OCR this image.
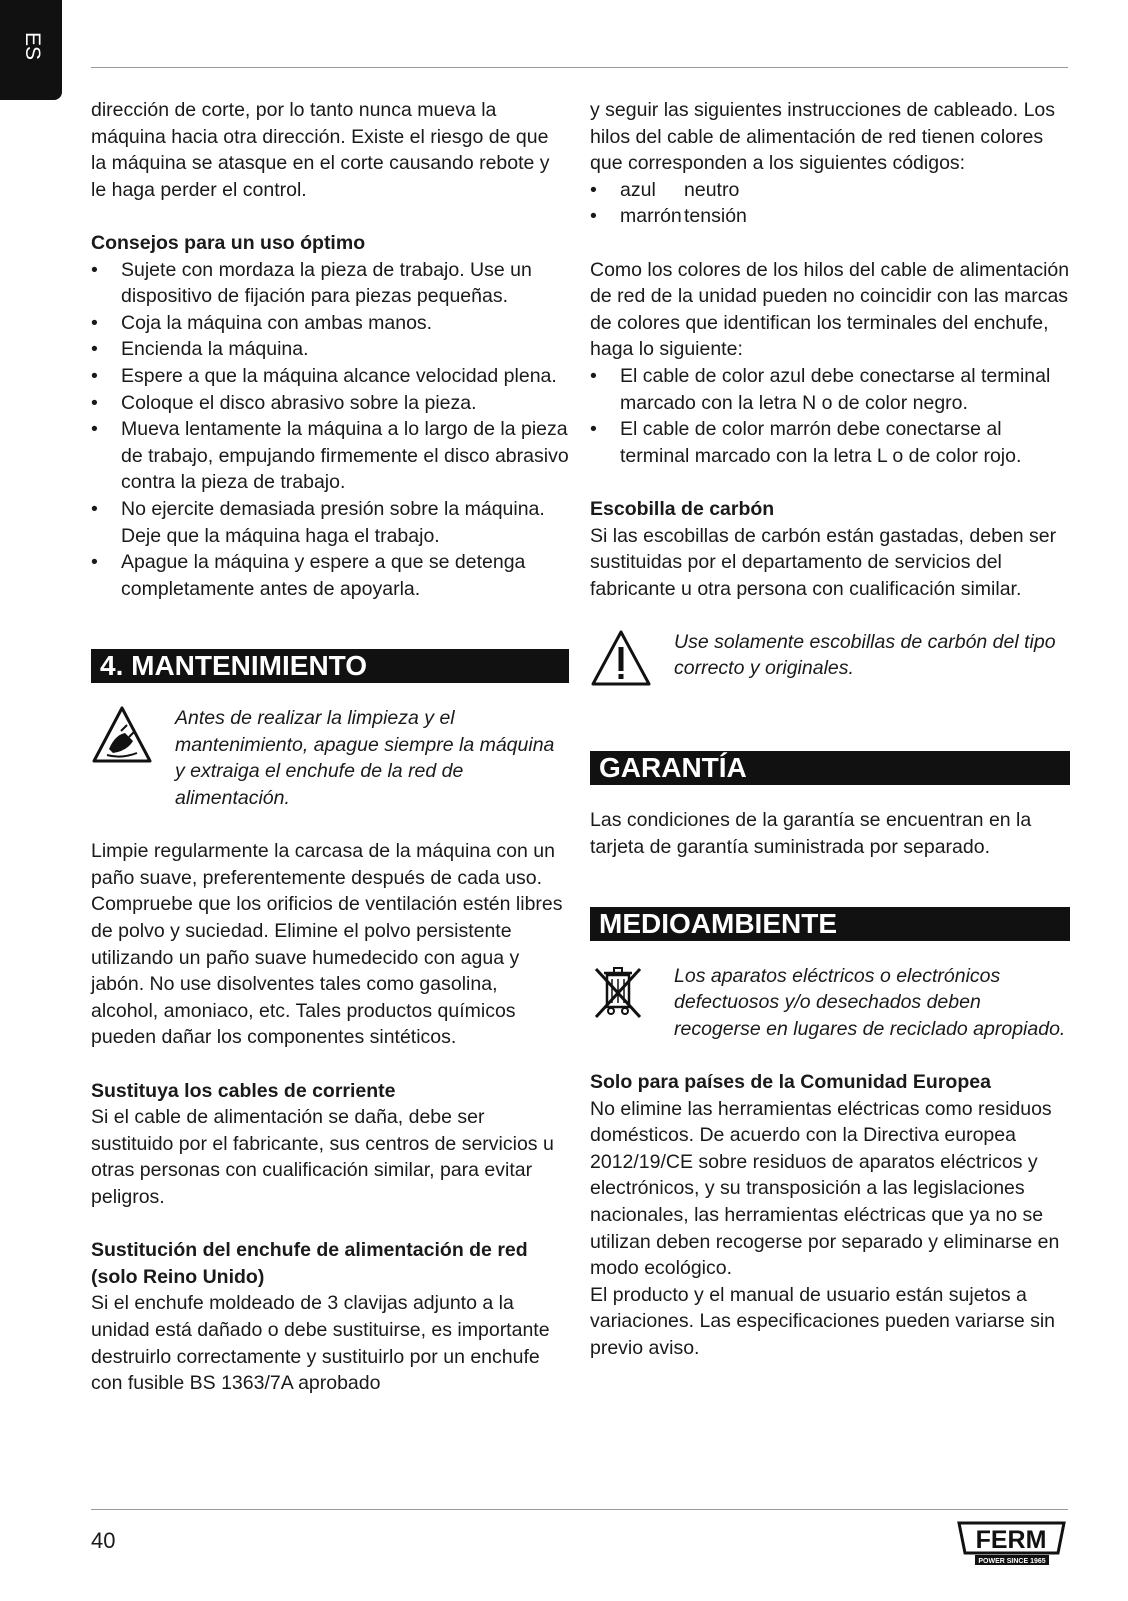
ES

dirección de corte, por lo tanto nunca mueva la máquina hacia otra dirección. Existe el riesgo de que la máquina se atasque en el corte causando rebote y le haga perder el control.

Consejos para un uso óptimo

• Sujete con mordaza la pieza de trabajo. Use un dispositivo de fijación para piezas pequeñas.
• Coja la máquina con ambas manos.
• Encienda la máquina.
• Espere a que la máquina alcance velocidad plena.
• Coloque el disco abrasivo sobre la pieza.
• Mueva lentamente la máquina a lo largo de la pieza de trabajo, empujando firmemente el disco abrasivo contra la pieza de trabajo.
• No ejercite demasiada presión sobre la máquina. Deje que la máquina haga el trabajo.
• Apague la máquina y espere a que se detenga completamente antes de apoyarla.
4. MANTENIMIENTO

Antes de realizar la limpieza y el mantenimiento, apague siempre la máquina y extraiga el enchufe de la red de alimentación.

Limpie regularmente la carcasa de la máquina con un paño suave, preferentemente después de cada uso. Compruebe que los orificios de ventilación estén libres de polvo y suciedad. Elimine el polvo persistente utilizando un paño suave humedecido con agua y jabón. No use disolventes tales como gasolina, alcohol, amoniaco, etc. Tales productos químicos pueden dañar los componentes sintéticos.

Sustituya los cables de corriente

Si el cable de alimentación se daña, debe ser sustituido por el fabricante, sus centros de servicios u otras personas con cualificación similar, para evitar peligros.

Sustitución del enchufe de alimentación de red (solo Reino Unido)

Si el enchufe moldeado de 3 clavijas adjunto a la unidad está dañado o debe sustituirse, es importante destruirlo correctamente y sustituirlo por un enchufe con fusible BS 1363/7A aprobado

y seguir las siguientes instrucciones de cableado. Los hilos del cable de alimentación de red tienen colores que corresponden a los siguientes códigos:

• azul neutro
• marrón tensión

Como los colores de los hilos del cable de alimentación de red de la unidad pueden no coincidir con las marcas de colores que identifican los terminales del enchufe, haga lo siguiente:

• El cable de color azul debe conectarse al terminal marcado con la letra N o de color negro.
• El cable de color marrón debe conectarse al terminal marcado con la letra L o de color rojo.

Escobilla de carbón

Si las escobillas de carbón están gastadas, deben ser sustituidas por el departamento de servicios del fabricante u otra persona con cualificación similar.

Use solamente escobillas de carbón del tipo correcto y originales.

GARANTÍA

Las condiciones de la garantía se encuentran en la tarjeta de garantía suministrada por separado.

MEDIOAMBIENTE

Los aparatos eléctricos o electrónicos defectuosos y/o desechados deben recogerse en lugares de reciclado apropiado.

Solo para países de la Comunidad Europea

No elimine las herramientas eléctricas como residuos domésticos. De acuerdo con la Directiva europea 2012/19/CE sobre residuos de aparatos eléctricos y electrónicos, y su transposición a las legislaciones nacionales, las herramientas eléctricas que ya no se utilizan deben recogerse por separado y eliminarse en modo ecológico.

El producto y el manual de usuario están sujetos a variaciones. Las especificaciones pueden variarse sin previo aviso.

40	FERM
POWER SINCE 1965
